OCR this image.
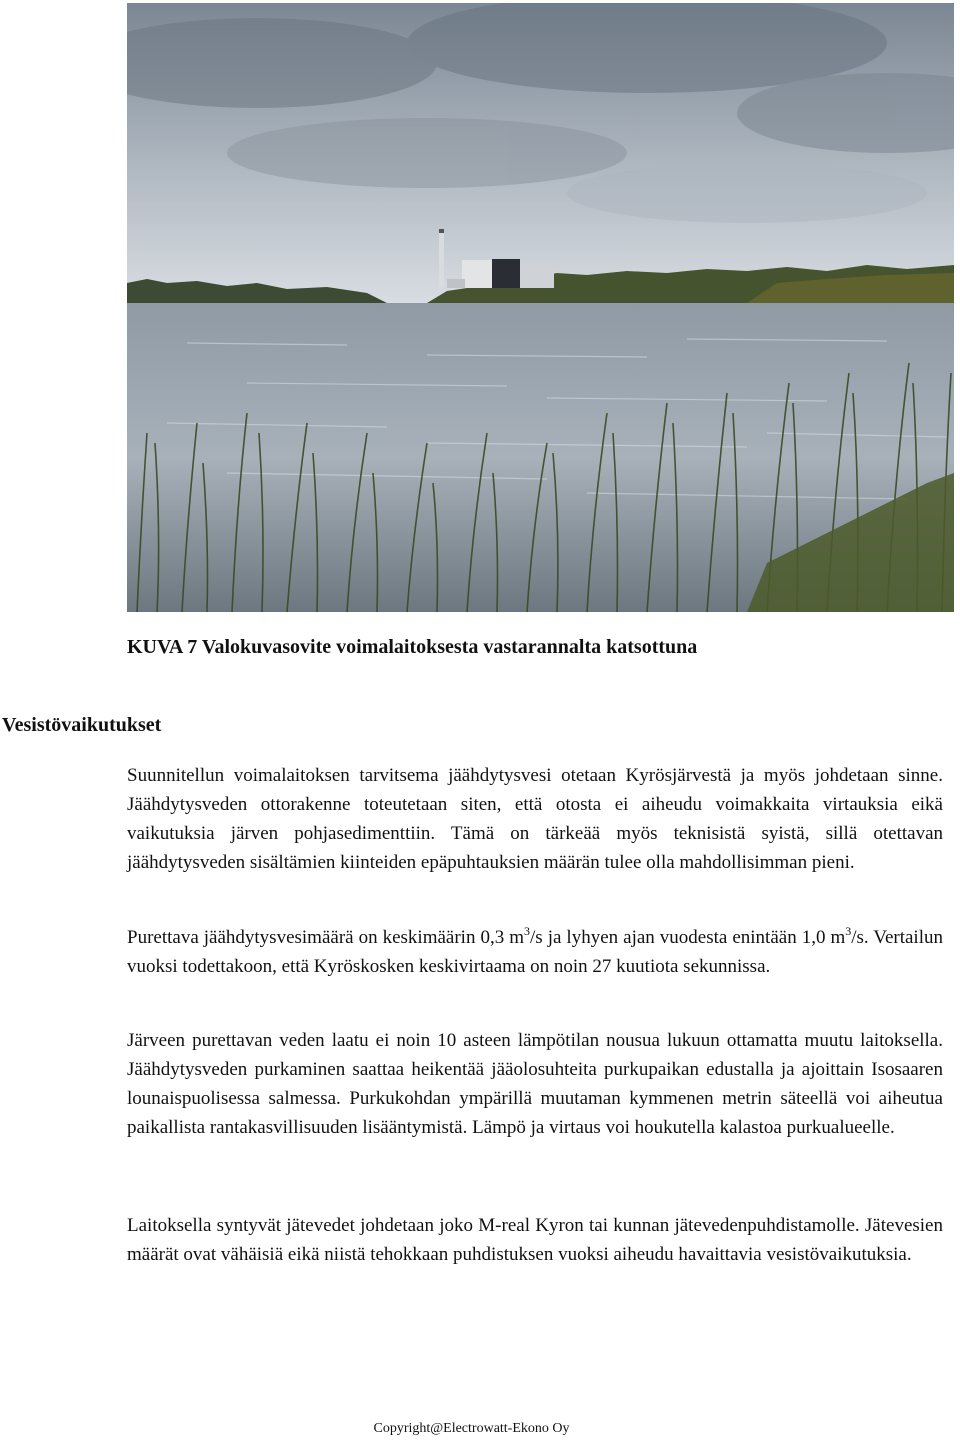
KUVA 7 Valokuvasovite voimalaitoksesta vastarannalta katsottuna

Vesistövaikutukset

Suunnitellun voimalaitoksen tarvitsema jäähdytysvesi otetaan Kyrösjärvestä ja myös johdetaan sinne. Jäähdytysveden ottorakenne toteutetaan siten, että otosta ei aiheudu voimakkaita virtauksia eikä vaikutuksia järven pohjasedimenttiin. Tämä on tärkeää myös teknisistä syistä, sillä otettavan jäähdytysveden sisältämien kiinteiden epäpuhtauksien määrän tulee olla mahdollisimman pieni.

Purettava jäähdytysvesimäärä on keskimäärin 0,3 $m^3/s$ ja lyhyen ajan vuodesta enintään 1,0 $m^3/s$. Vertailun vuoksi todettakoon, että Kyröskosken keskivirtaama on noin 27 kuutiota sekunnissa.

Järveen purettavan veden laatu ei noin 10 asteen lämpötilan nousua lukuun ottamatta muutu laitoksella. Jäähdytysveden purkaminen saattaa heikentää jääolosuhteita purkupaikan edustalla ja ajoittain Isosaaren lounaispuolisessa salmessa. Purkukohdan ympärillä muutaman kymmenen metrin säteellä voi aiheutua paikallista rantakasvillisuuden lisääntymistä. Lämpö ja virtaus voi houkutella kalastoa purkualueelle.

Laitoksella syntyvät jätevedet johdetaan joko M-real Kyron tai kunnan jätevedenpuhdistamolle. Jätevesien määrät ovat vähäisiä eikä niistä tehokkaan puhdistuksen vuoksi aiheudu havaittavia vesistövaikutuksia.

Copyright@Electrowatt-Ekono Oy
